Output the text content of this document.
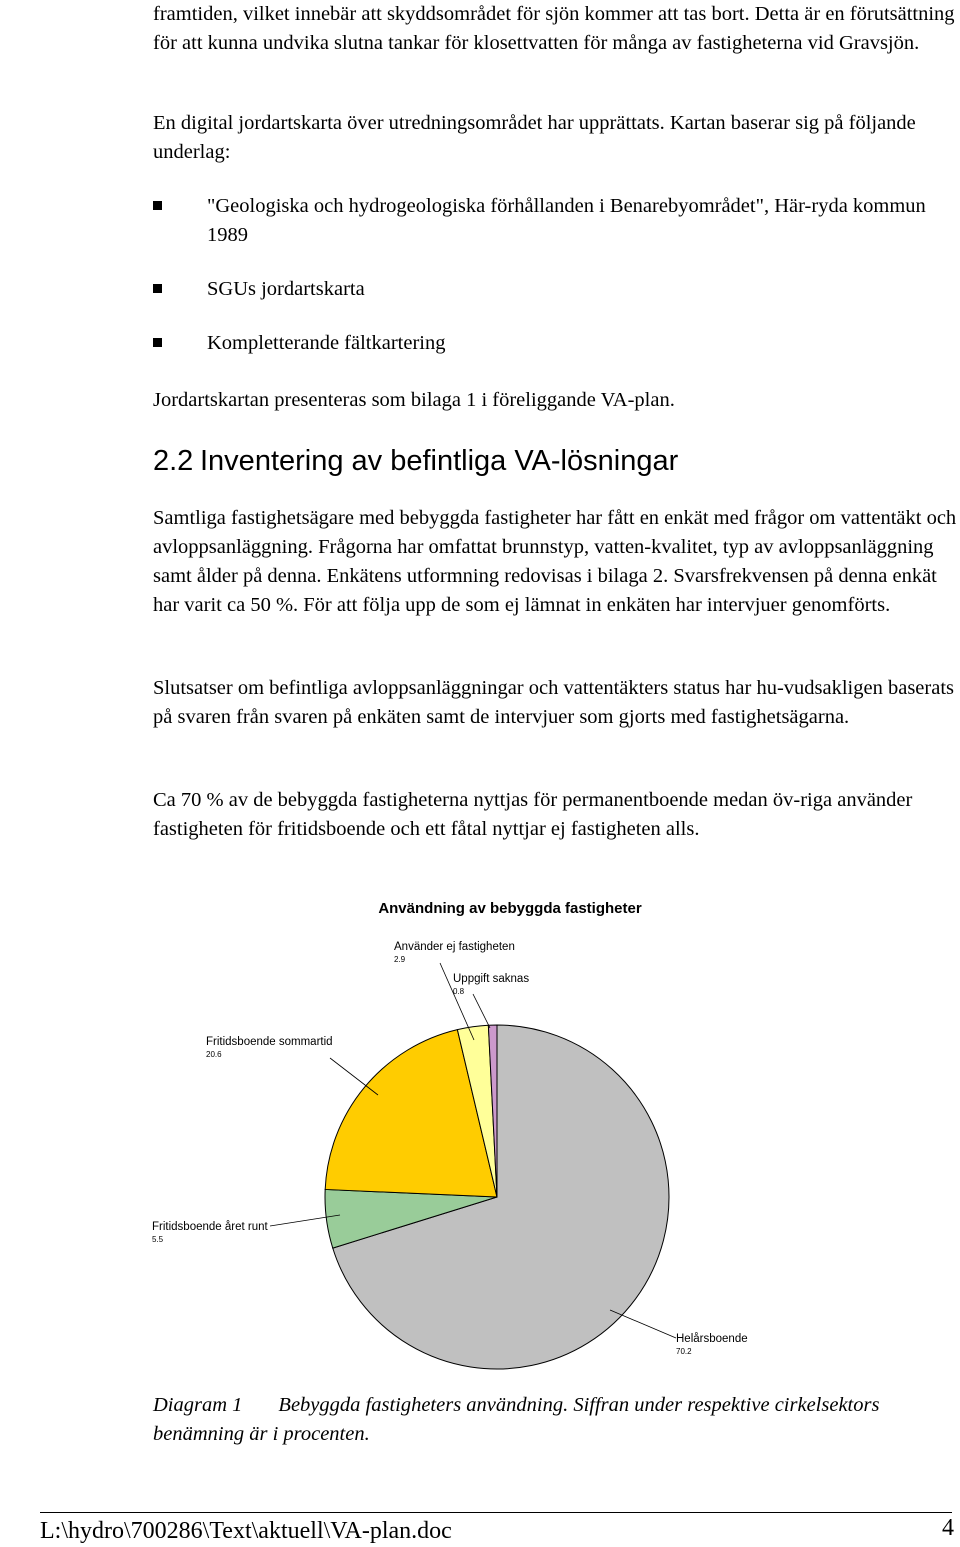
framtiden, vilket innebär att skyddsområdet för sjön kommer att tas bort. Detta är en förutsättning för att kunna undvika slutna tankar för klosettvatten för många av fastigheterna vid Gravsjön.

En digital jordartskarta över utredningsområdet har upprättats. Kartan baserar sig på följande underlag:

"Geologiska och hydrogeologiska förhållanden i Benarebyområdet", Här-ryda kommun 1989
SGUs jordartskarta
Kompletterande fältkartering

Jordartskartan presenteras som bilaga 1 i föreliggande VA-plan.

2.2 Inventering av befintliga VA-lösningar

Samtliga fastighetsägare med bebyggda fastigheter har fått en enkät med frågor om vattentäkt och avloppsanläggning. Frågorna har omfattat brunnstyp, vatten-kvalitet, typ av avloppsanläggning samt ålder på denna. Enkätens utformning redovisas i bilaga 2. Svarsfrekvensen på denna enkät har varit ca 50 %. För att följa upp de som ej lämnat in enkäten har intervjuer genomförts.

Slutsatser om befintliga avloppsanläggningar och vattentäkters status har hu-vudsakligen baserats på svaren från svaren på enkäten samt de intervjuer som gjorts med fastighetsägarna.

Ca 70 % av de bebyggda fastigheterna nyttjas för permanentboende medan öv-riga använder fastigheten för fritidsboende och ett fåtal nyttjar ej fastigheten alls.

Användning av bebyggda fastigheter
Helårsboende
70.2
Fritidsboende året runt
5.5
Fritidsboende sommartid
20.6
Använder ej fastigheten
2.9
Uppgift saknas
0.8
Diagram 1 Bebyggda fastigheters användning. Siffran under respektive cirkelsektors benämning är i procenten.
L:\hydro\700286\Text\aktuell\VA-plan.doc	4
